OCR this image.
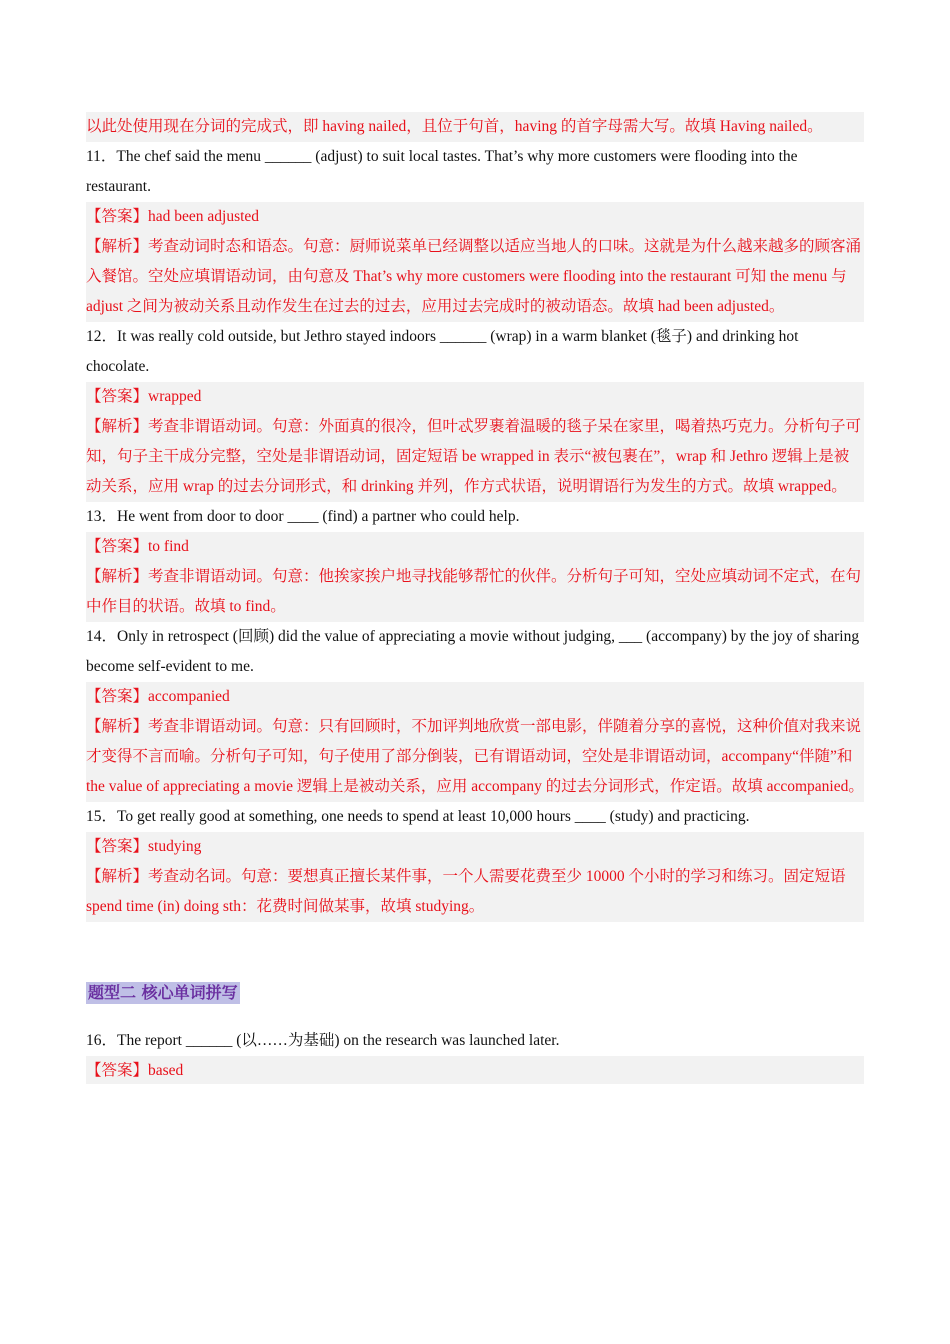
以此处使用现在分词的完成式，即 having nailed，且位于句首，having 的首字母需大写。故填 Having nailed。

11．The chef said the menu ______ (adjust) to suit local tastes. That’s why more customers were flooding into the restaurant.

【答案】had been adjusted

【解析】考查动词时态和语态。句意：厨师说菜单已经调整以适应当地人的口味。这就是为什么越来越多的顾客涌入餐馆。空处应填谓语动词，由句意及 That’s why more customers were flooding into the restaurant 可知 the menu 与 adjust 之间为被动关系且动作发生在过去的过去，应用过去完成时的被动语态。故填 had been adjusted。

12．It was really cold outside, but Jethro stayed indoors ______ (wrap) in a warm blanket (毯子) and drinking hot chocolate.

【答案】wrapped

【解析】考查非谓语动词。句意：外面真的很冷，但叶忒罗裹着温暖的毯子呆在家里，喝着热巧克力。分析句子可知，句子主干成分完整，空处是非谓语动词，固定短语 be wrapped in 表示“被包裹在”，wrap 和 Jethro 逻辑上是被动关系，应用 wrap 的过去分词形式，和 drinking 并列，作方式状语，说明谓语行为发生的方式。故填 wrapped。

13．He went from door to door ____ (find) a partner who could help.

【答案】to find

【解析】考查非谓语动词。句意：他挨家挨户地寻找能够帮忙的伙伴。分析句子可知，空处应填动词不定式，在句中作目的状语。故填 to find。

14．Only in retrospect (回顾) did the value of appreciating a movie without judging, ___ (accompany) by the joy of sharing become self-evident to me.

【答案】accompanied

【解析】考查非谓语动词。句意：只有回顾时，不加评判地欣赏一部电影，伴随着分享的喜悦，这种价值对我来说才变得不言而喻。分析句子可知，句子使用了部分倒装，已有谓语动词，空处是非谓语动词，accompany“伴随”和 the value of appreciating a movie 逻辑上是被动关系，应用 accompany 的过去分词形式，作定语。故填 accompanied。

15．To get really good at something, one needs to spend at least 10,000 hours ____ (study) and practicing.

【答案】studying

【解析】考查动名词。句意：要想真正擅长某件事，一个人需要花费至少 10000 个小时的学习和练习。固定短语 spend time (in) doing sth：花费时间做某事，故填 studying。

题型二 核心单词拼写

16．The report ______ (以……为基础) on the research was launched later.

【答案】based
